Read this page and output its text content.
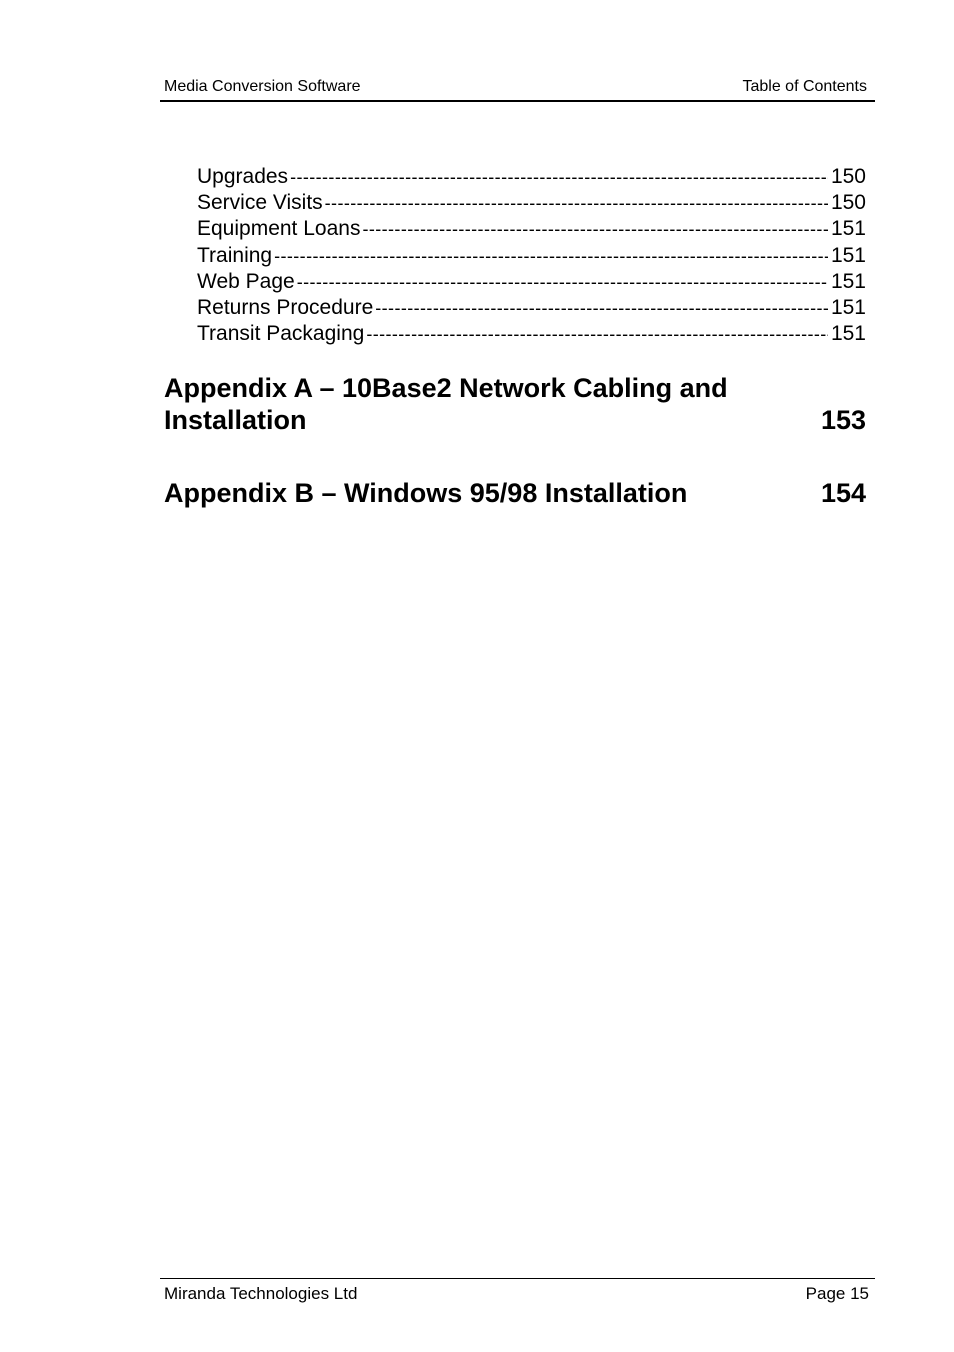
Media Conversion Software	Table of Contents
Upgrades -----	150
Service Visits -----	150
Equipment Loans -----	151
Training -----	151
Web Page -----	151
Returns Procedure -----	151
Transit Packaging -----	151
Appendix A – 10Base2 Network Cabling and
Installation	153
Appendix B – Windows 95/98 Installation	154
Miranda Technologies Ltd	Page 15
